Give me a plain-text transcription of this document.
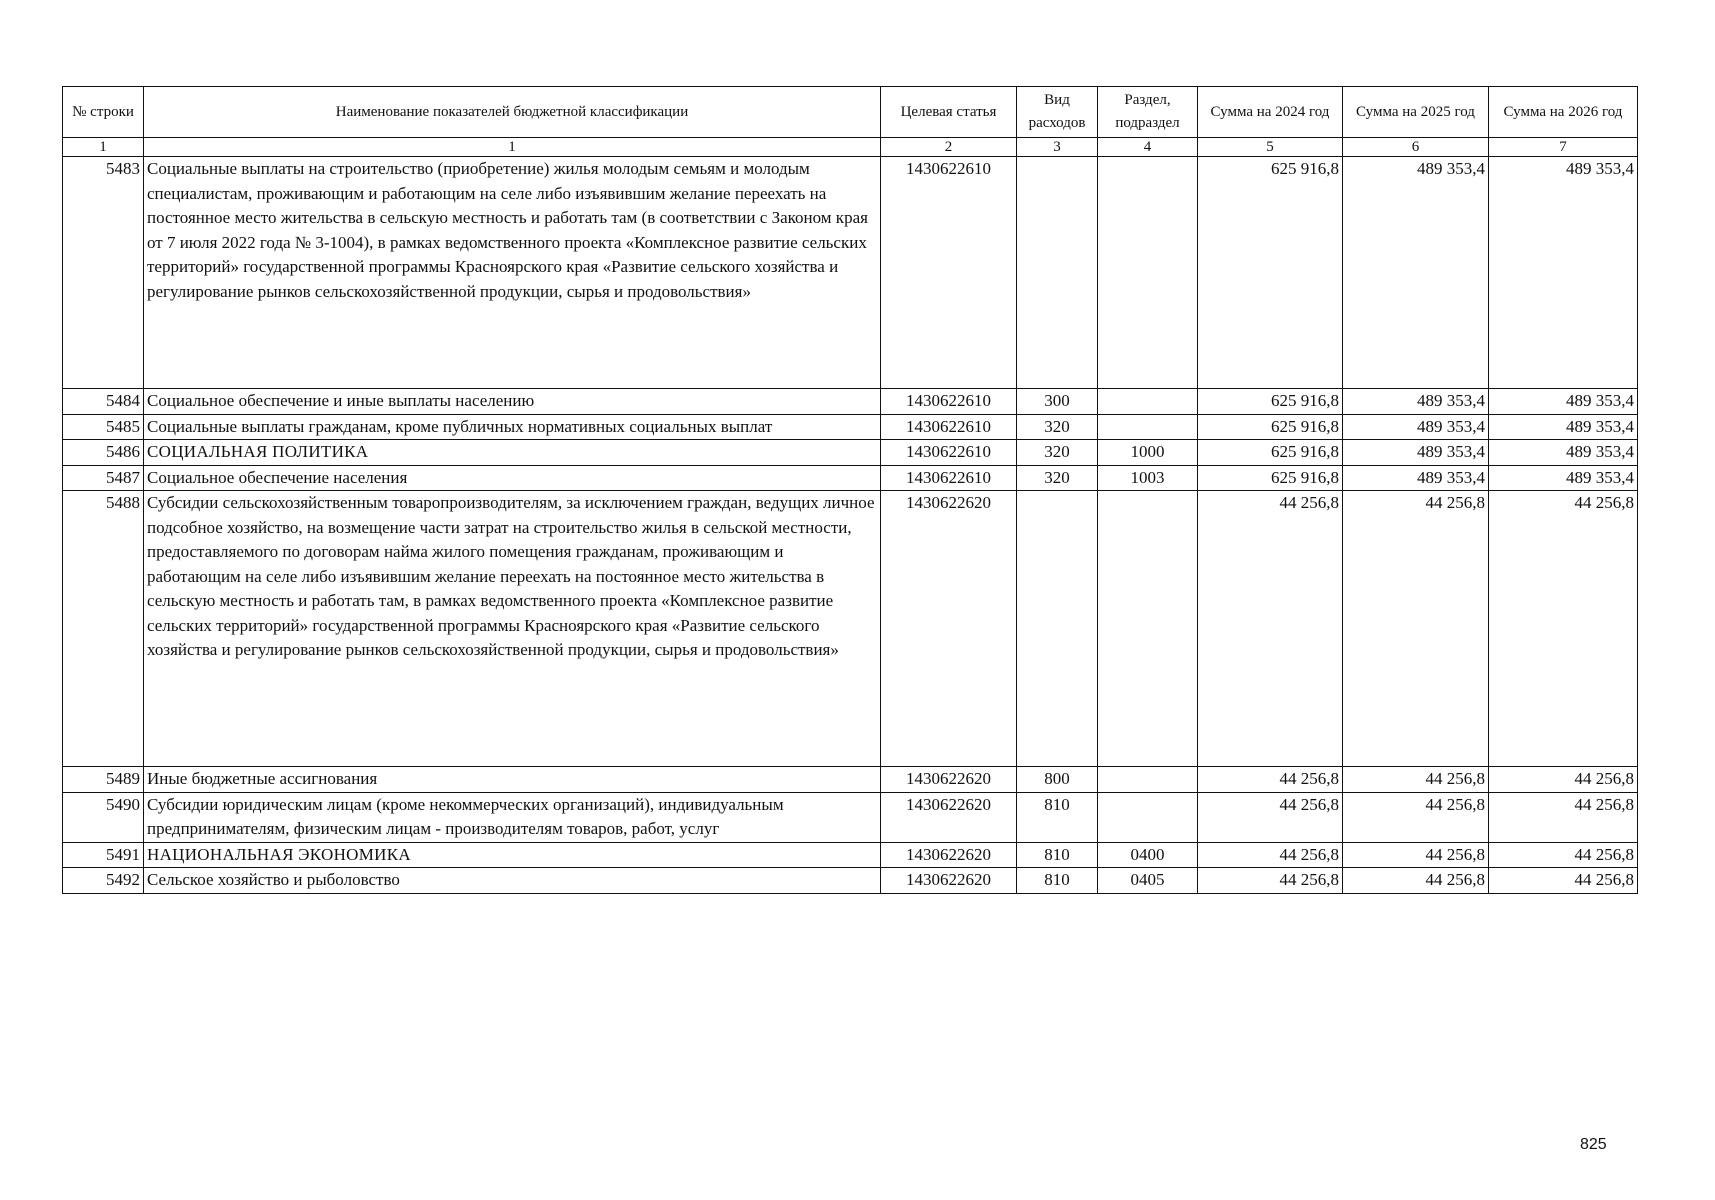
№ строки	Наименование показателей бюджетной классификации	Целевая статья	Вид расходов	Раздел, подраздел	Сумма на 2024 год	Сумма на 2025 год	Сумма на 2026 год
1	1	2	3	4	5	6	7
5483	Социальные выплаты на строительство (приобретение) жилья молодым семьям и молодым специалистам, проживающим и работающим на селе либо изъявившим желание переехать на постоянное место жительства в сельскую местность и работать там (в соответствии с Законом края от 7 июля 2022 года № 3-1004), в рамках ведомственного проекта «Комплексное развитие сельских территорий» государственной программы Красноярского края «Развитие сельского хозяйства и регулирование рынков сельскохозяйственной продукции, сырья и продовольствия»	1430622610			625 916,8	489 353,4	489 353,4
5484	Социальное обеспечение и иные выплаты населению	1430622610	300		625 916,8	489 353,4	489 353,4
5485	Социальные выплаты гражданам, кроме публичных нормативных социальных выплат	1430622610	320		625 916,8	489 353,4	489 353,4
5486	СОЦИАЛЬНАЯ ПОЛИТИКА	1430622610	320	1000	625 916,8	489 353,4	489 353,4
5487	Социальное обеспечение населения	1430622610	320	1003	625 916,8	489 353,4	489 353,4
5488	Субсидии сельскохозяйственным товаропроизводителям, за исключением граждан, ведущих личное подсобное хозяйство, на возмещение части затрат на строительство жилья в сельской местности, предоставляемого по договорам найма жилого помещения гражданам, проживающим и работающим на селе либо изъявившим желание переехать на постоянное место жительства в сельскую местность и работать там, в рамках ведомственного проекта «Комплексное развитие сельских территорий» государственной программы Красноярского края «Развитие сельского хозяйства и регулирование рынков сельскохозяйственной продукции, сырья и продовольствия»	1430622620			44 256,8	44 256,8	44 256,8
5489	Иные бюджетные ассигнования	1430622620	800		44 256,8	44 256,8	44 256,8
5490	Субсидии юридическим лицам (кроме некоммерческих организаций), индивидуальным предпринимателям, физическим лицам - производителям товаров, работ, услуг	1430622620	810		44 256,8	44 256,8	44 256,8
5491	НАЦИОНАЛЬНАЯ ЭКОНОМИКА	1430622620	810	0400	44 256,8	44 256,8	44 256,8
5492	Сельское хозяйство и рыболовство	1430622620	810	0405	44 256,8	44 256,8	44 256,8
825
